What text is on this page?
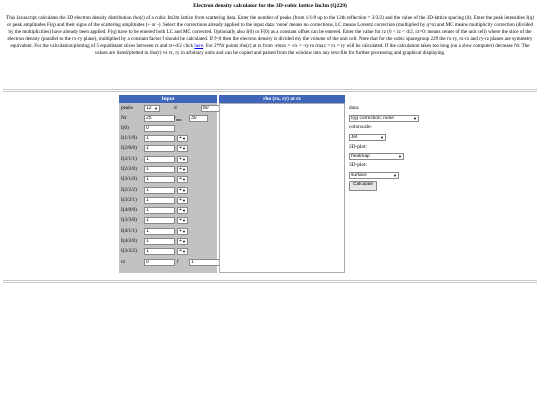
Electron density calculator for the 3D-cubic lattice Im3m (Q229)
This Javascript calculates the 3D electron density distribution rho(r) of a cubic Im3m lattice from scattering data. Enter the number of peaks (from 1/1/0 up to the 12th reflection = 3/3/2) and the value of the 3D-lattice spacing (d). Enter the peak intensities I(q) or peak amplitudes F(q) and their signs of the scattering amplitudes (+ or -). Select the corrections already applied to the input data: 'none' means no corrections, LC means Lorentz correction (multiplied by q^n) and MC means multiplicity correction (divided by the multiplicities) have already been applied. F(q) have to be entered both LC and MC corrected. Optionally also I(0) or F(0) as a constant offset can be entered. Enter the value for rz (0 < rz < d/2, rz=0: means center of the unit cell) where the slice of the electron density (parallel to the rx-ry plane), multiplied by a constant factor f should be calculated. If f=0 then the electron density is divided my the volume of the unit cell. Note that for the cubic spacegroup 229 the rx-ry, rx-rz and ry-rz planes are symmetry equivalent. For the calculation/plotting of 5 equidistant slices between rz and rz+d/2 click here. For 2*Nr points rho(r) at rz from -rmax = -rx = -ry to rmax = rx = ry will be calculated. If the calculation takes too long (on a slow computer) decrease Nr. The values are listed/plotted in rho(r) vs rx, ry in arbitrary units and can be copied and pasted from the window into any text-file for further processing and graphical displaying.
Input
peaks	12 ▼	d	80
Nr	25	$r_{max}$	30
I(0)	0
I(1/1/0)	1	+ ▼
I(2/0/0)	1	+ ▼
I(2/1/1)	1	+ ▼
I(2/2/0)	1	+ ▼
I(3/1/0)	1	+ ▼
I(2/2/2)	1	+ ▼
I(3/2/1)	1	+ ▼
I(4/0/0)	1	+ ▼
I(3/3/0)	1	+ ▼
I(4/1/1)	1	+ ▼
I(4/2/0)	1	+ ▼
I(3/3/2)	1	+ ▼
rz	0	f	1
rho (rx, ry) at rz
data:
I(q) correction: none	▼
colorscale:
Jet	▼
2D-plot:
heatmap	▼
3D-plot:
surface	▼
Calculate
